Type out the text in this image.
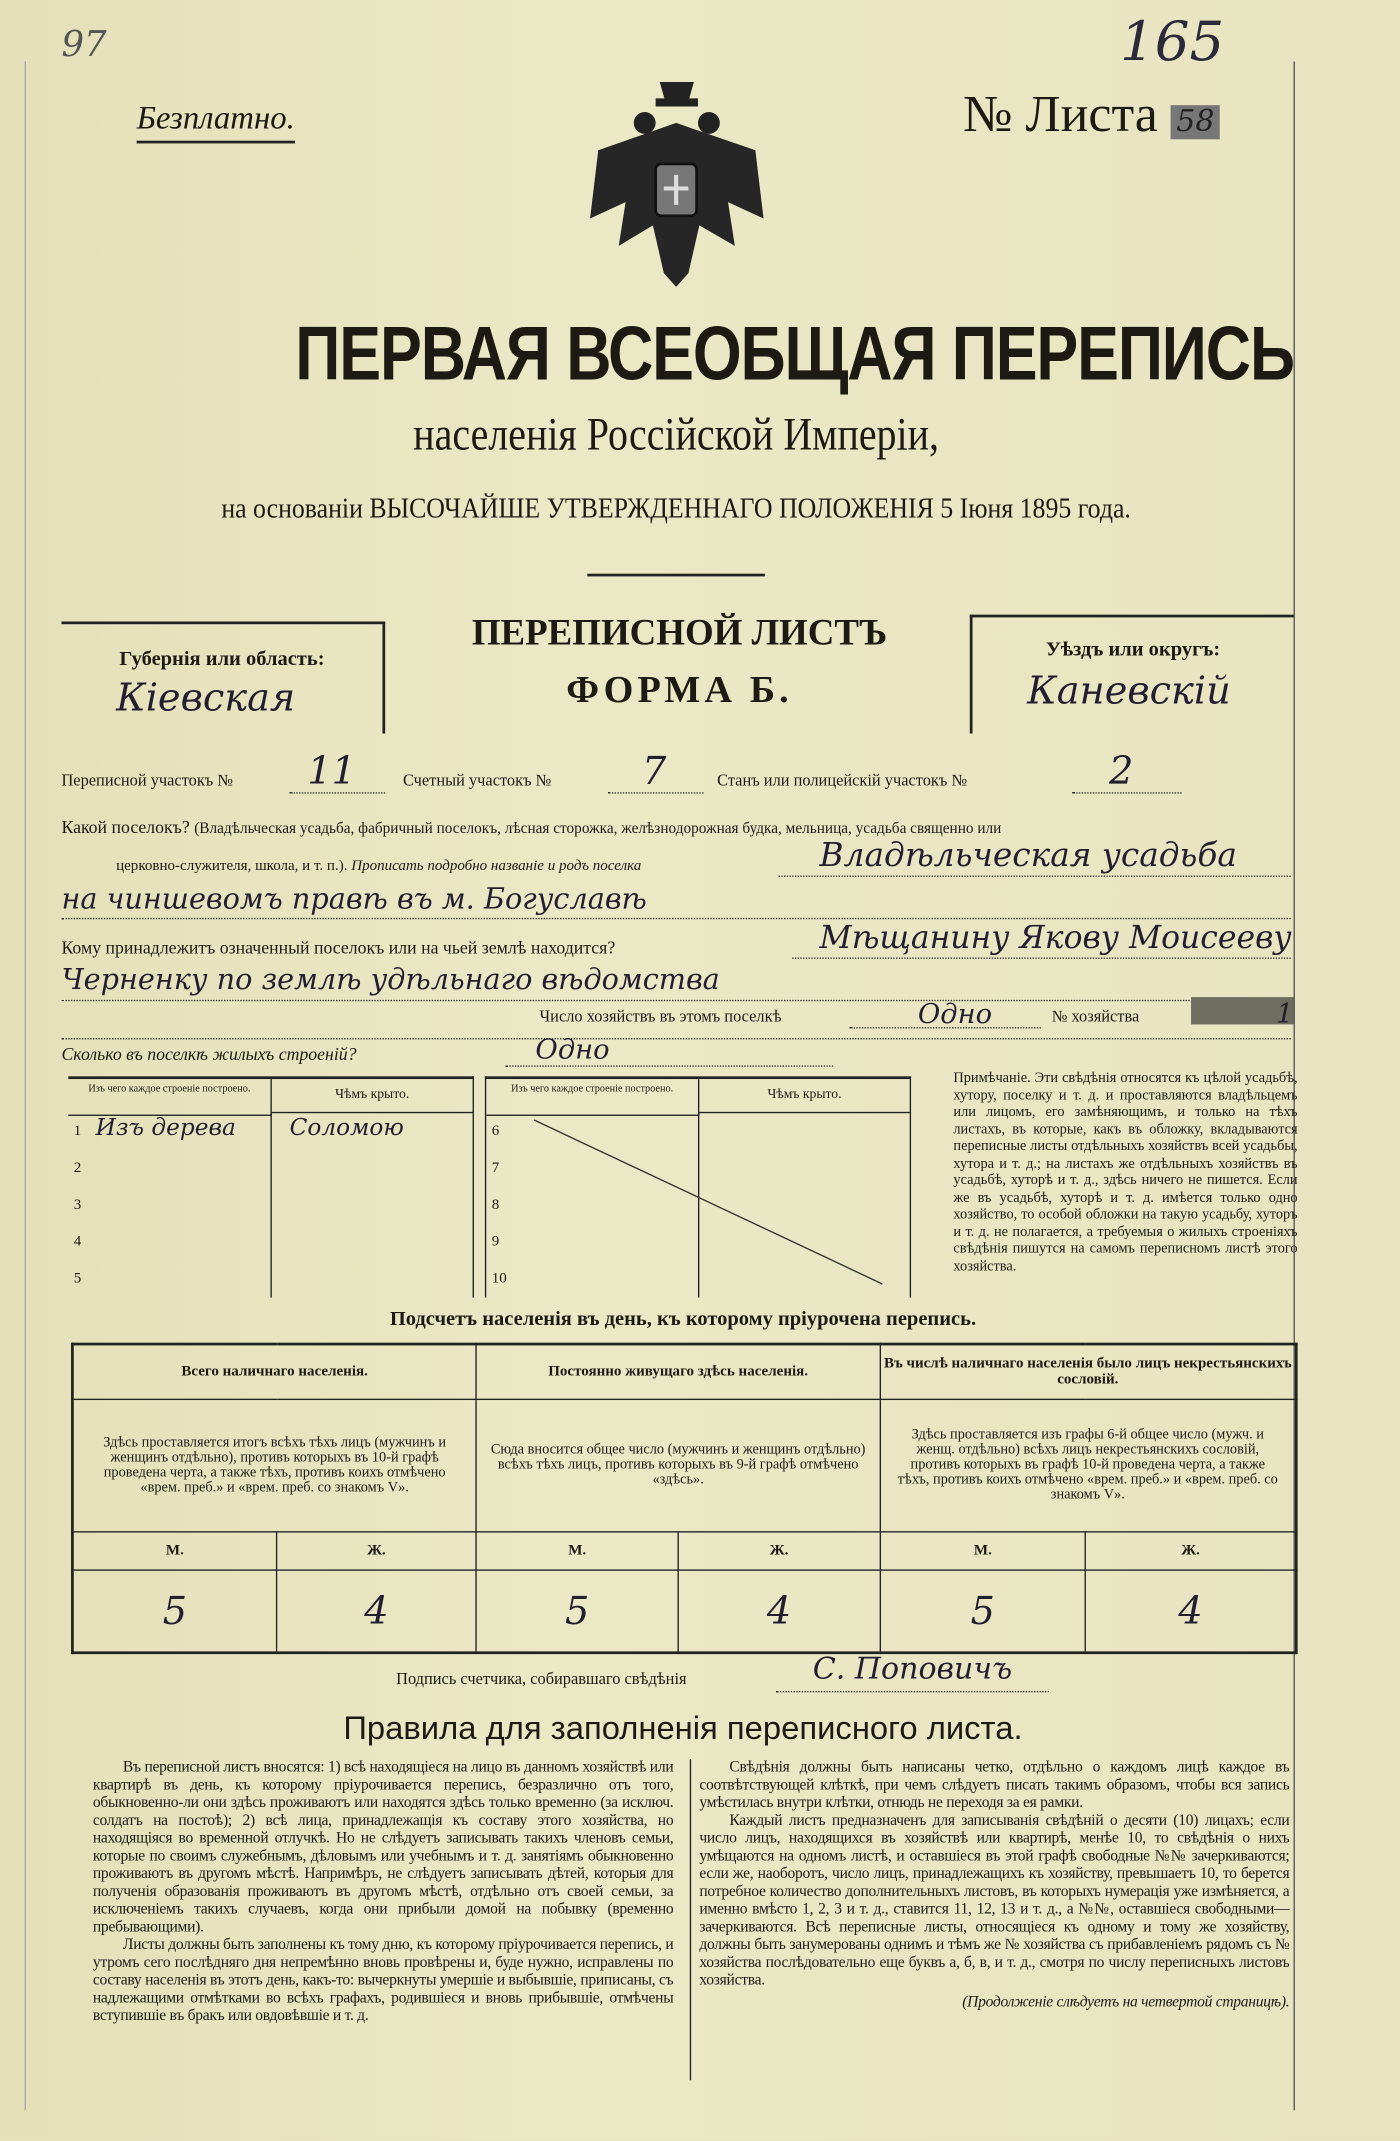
97	165
Безплатно.	№ Листа 58
ПЕРВАЯ ВСЕОБЩАЯ ПЕРЕПИСЬ
населенія Россійской Имперіи,
на основаніи ВЫСОЧАЙШЕ УТВЕРЖДЕННАГО ПОЛОЖЕНІЯ 5 Іюня 1895 года.
Губернія или область:
Кіевская
ПЕРЕПИСНОЙ ЛИСТЪ
ФОРМА Б.
Уѣздъ или округъ:
Каневскій
Переписной участокъ №	11	Счетный участокъ №	7	Станъ или полицейскій участокъ №	2
Какой поселокъ? (Владѣльческая усадьба, фабричный поселокъ, лѣсная сторожка, желѣзнодорожная будка, мельница, усадьба священно или
церковно-служителя, школа, и т. п.). Прописать подробно названіе и родъ поселка	Владѣльческая усадьба
на чиншевомъ правѣ въ м. Богуславѣ
Кому принадлежитъ означенный поселокъ или на чьей землѣ находится?	Мѣщанину Якову Моисееву
Черненку по землѣ удѣльнаго вѣдомства
Число хозяйствъ въ этомъ поселкѣ	Одно	№ хозяйства	1
Сколько въ поселкѣ жилыхъ строеній?	Одно
Изъ чего каждое строеніе построено.	Чѣмъ крыто.
1 Изъ дерева	Соломою
2
3
4
5
Изъ чего каждое строеніе построено.	Чѣмъ крыто.
6
7
8
9
10
Примѣчаніе. Эти свѣдѣнія относятся къ цѣлой усадьбѣ, хутору, поселку и т. д. и проставляются владѣльцемъ или лицомъ, его замѣняющимъ, и только на тѣхъ листахъ, въ которые, какъ въ обложку, вкладываются переписные листы отдѣльныхъ хозяйствъ всей усадьбы, хутора и т. д.; на листахъ же отдѣльныхъ хозяйствъ въ усадьбѣ, хуторѣ и т. д., здѣсь ничего не пишется. Если же въ усадьбѣ, хуторѣ и т. д. имѣется только одно хозяйство, то особой обложки на такую усадьбу, хуторъ и т. д. не полагается, а требуемыя о жилыхъ строеніяхъ свѣдѣнія пишутся на самомъ переписномъ листѣ этого хозяйства.
Подсчетъ населенія въ день, къ которому пріурочена перепись.
Всего наличнаго населенія.		Постоянно живущаго здѣсь населенія.		Въ числѣ наличнаго населенія было лицъ некрестьянскихъ сословій.	
Здѣсь проставляется итогъ всѣхъ тѣхъ лицъ (мужчинъ и женщинъ отдѣльно), противъ которыхъ въ 10-й графѣ проведена черта, а также тѣхъ, противъ коихъ отмѣчено «врем. преб.» и «врем. преб. со знакомъ V».		Сюда вносится общее число (мужчинъ и женщинъ отдѣльно) всѣхъ тѣхъ лицъ, противъ которыхъ въ 9-й графѣ отмѣчено «здѣсь».		Здѣсь проставляется изъ графы 6-й общее число (мужч. и женщ. отдѣльно) всѣхъ лицъ некрестьянскихъ сословій, противъ которыхъ въ графѣ 10-й проведена черта, а также тѣхъ, противъ коихъ отмѣчено «врем. преб.» и «врем. преб. со знакомъ V».	
М.	Ж.	М.	Ж.	М.	Ж.
5	4	5	4	5	4
Подпись счетчика, собиравшаго свѣдѣнія	С. Поповичъ
Правила для заполненія переписного листа.

Въ переписной листъ вносятся: 1) всѣ находящіеся на лицо въ данномъ хозяйствѣ или квартирѣ въ день, къ которому пріурочивается перепись, безразлично отъ того, обыкновенно-ли они здѣсь проживаютъ или находятся здѣсь только временно (за исключ. солдатъ на постоѣ); 2) всѣ лица, принадлежащія къ составу этого хозяйства, но находящіяся во временной отлучкѣ. Но не слѣдуетъ записывать такихъ членовъ семьи, которые по своимъ служебнымъ, дѣловымъ или учебнымъ и т. д. занятіямъ обыкновенно проживаютъ въ другомъ мѣстѣ. Напримѣръ, не слѣдуетъ записывать дѣтей, которыя для полученія образованія проживаютъ въ другомъ мѣстѣ, отдѣльно отъ своей семьи, за исключеніемъ такихъ случаевъ, когда они прибыли домой на побывку (временно пребывающими).

Листы должны быть заполнены къ тому дню, къ которому пріурочивается перепись, и утромъ сего послѣдняго дня непремѣнно вновь провѣрены и, буде нужно, исправлены по составу населенія въ этотъ день, какъ-то: вычеркнуты умершіе и выбывшіе, приписаны, съ надлежащими отмѣтками во всѣхъ графахъ, родившіеся и вновь прибывшіе, отмѣчены вступившіе въ бракъ или овдовѣвшіе и т. д.

Свѣдѣнія должны быть написаны четко, отдѣльно о каждомъ лицѣ каждое въ соотвѣтствующей клѣткѣ, при чемъ слѣдуетъ писать такимъ образомъ, чтобы вся запись умѣстилась внутри клѣтки, отнюдь не переходя за ея рамки.

Каждый листъ предназначенъ для записыванія свѣдѣній о десяти (10) лицахъ; если число лицъ, находящихся въ хозяйствѣ или квартирѣ, менѣе 10, то свѣдѣнія о нихъ умѣщаются на одномъ листѣ, и оставшіеся въ этой графѣ свободные №№ зачеркиваются; если же, наоборотъ, число лицъ, принадлежащихъ къ хозяйству, превышаетъ 10, то берется потребное количество дополнительныхъ листовъ, въ которыхъ нумерація уже измѣняется, а именно вмѣсто 1, 2, 3 и т. д., ставится 11, 12, 13 и т. д., а №№, оставшіеся свободными—зачеркиваются. Всѣ переписные листы, относящіеся къ одному и тому же хозяйству, должны быть занумерованы однимъ и тѣмъ же № хозяйства съ прибавленіемъ рядомъ съ № хозяйства послѣдовательно еще буквъ а, б, в, и т. д., смотря по числу переписныхъ листовъ хозяйства.

(Продолженіе слѣдуетъ на четвертой страницѣ).
